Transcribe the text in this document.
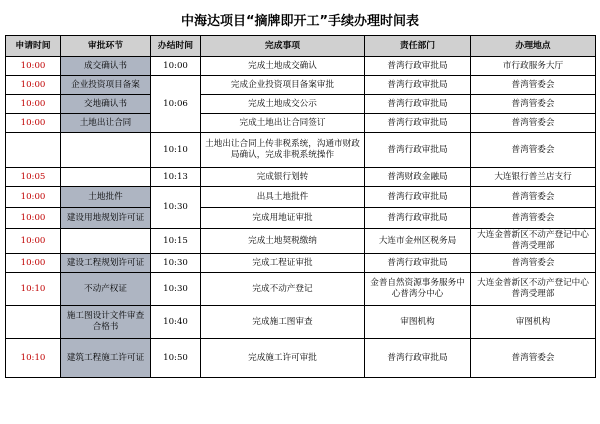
中海达项目“摘牌即开工”手续办理时间表
申请时间	审批环节	办结时间	完成事项	责任部门	办理地点
10:00	成交确认书	10:00	完成土地成交确认	普湾行政审批局	市行政服务大厅
10:00	企业投资项目备案	10:06	完成企业投资项目备案审批	普湾行政审批局	普湾管委会
10:00	交地确认书		完成土地成交公示	普湾行政审批局	普湾管委会
10:00	土地出让合同		完成土地出让合同签订	普湾行政审批局	普湾管委会
		10:10	土地出让合同上传非税系统，沟通市财政局确认，完成非税系统操作	普湾行政审批局	普湾管委会
10:05		10:13	完成银行划转	普湾财政金融局	大连银行普兰店支行
10:00	土地批件	10:30	出具土地批件	普湾行政审批局	普湾管委会
10:00	建设用地规划许可证		完成用地证审批	普湾行政审批局	普湾管委会
10:00		10:15	完成土地契税缴纳	大连市金州区税务局	大连金普新区不动产登记中心普湾受理部
10:00	建设工程规划许可证	10:30	完成工程证审批	普湾行政审批局	普湾管委会
10:10	不动产权证	10:30	完成不动产登记	金普自然资源事务服务中心普湾分中心	大连金普新区不动产登记中心普湾受理部
	施工图设计文件审查合格书	10:40	完成施工图审查	审图机构	审图机构
10:10	建筑工程施工许可证	10:50	完成施工许可审批	普湾行政审批局	普湾管委会
